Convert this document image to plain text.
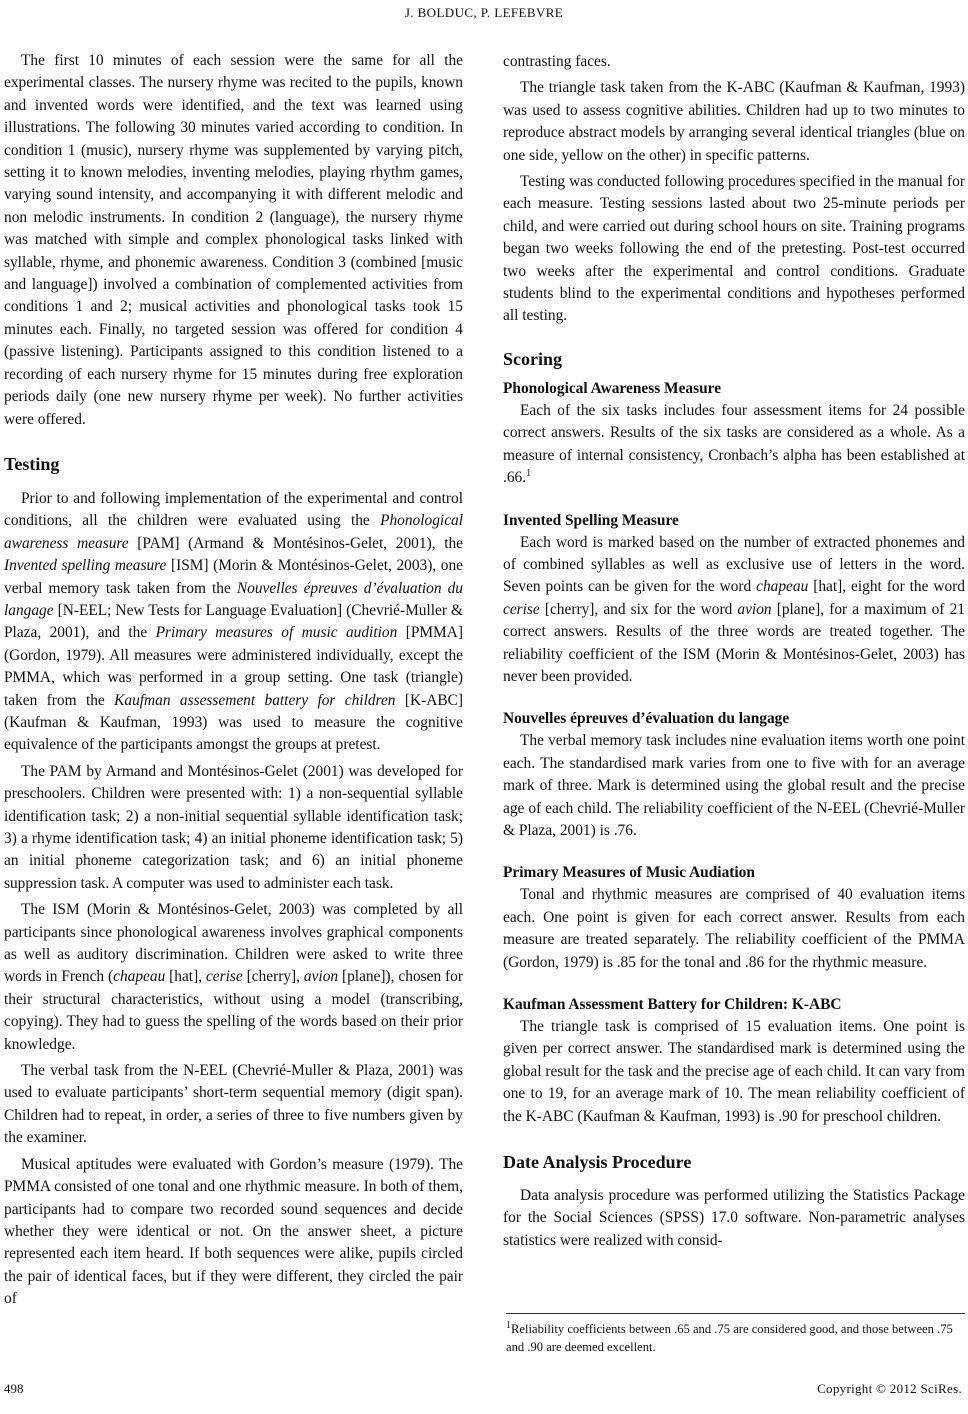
J. BOLDUC, P. LEFEBVRE

The first 10 minutes of each session were the same for all the experimental classes. The nursery rhyme was recited to the pupils, known and invented words were identified, and the text was learned using illustrations. The following 30 minutes varied according to condition. In condition 1 (music), nursery rhyme was supplemented by varying pitch, setting it to known melodies, inventing melodies, playing rhythm games, varying sound intensity, and accompanying it with different melodic and non melodic instruments. In condition 2 (language), the nursery rhyme was matched with simple and complex phonological tasks linked with syllable, rhyme, and phonemic awareness. Condition 3 (combined [music and language]) involved a combination of complemented activities from conditions 1 and 2; musical activities and phonological tasks took 15 minutes each. Finally, no targeted session was offered for condition 4 (passive listening). Participants assigned to this condition listened to a recording of each nursery rhyme for 15 minutes during free exploration periods daily (one new nursery rhyme per week). No further activities were offered.

Testing

Prior to and following implementation of the experimental and control conditions, all the children were evaluated using the Phonological awareness measure [PAM] (Armand & Montésinos-Gelet, 2001), the Invented spelling measure [ISM] (Morin & Montésinos-Gelet, 2003), one verbal memory task taken from the Nouvelles épreuves d’évaluation du langage [N-EEL; New Tests for Language Evaluation] (Chevrié-Muller & Plaza, 2001), and the Primary measures of music audition [PMMA] (Gordon, 1979). All measures were administered individually, except the PMMA, which was performed in a group setting. One task (triangle) taken from the Kaufman assessement battery for children [K-ABC] (Kaufman & Kaufman, 1993) was used to measure the cognitive equivalence of the participants amongst the groups at pretest.

The PAM by Armand and Montésinos-Gelet (2001) was developed for preschoolers. Children were presented with: 1) a non-sequential syllable identification task; 2) a non-initial sequential syllable identification task; 3) a rhyme identification task; 4) an initial phoneme identification task; 5) an initial phoneme categorization task; and 6) an initial phoneme suppression task. A computer was used to administer each task.

The ISM (Morin & Montésinos-Gelet, 2003) was completed by all participants since phonological awareness involves graphical components as well as auditory discrimination. Children were asked to write three words in French (chapeau [hat], cerise [cherry], avion [plane]), chosen for their structural characteristics, without using a model (transcribing, copying). They had to guess the spelling of the words based on their prior knowledge.

The verbal task from the N-EEL (Chevrié-Muller & Plaza, 2001) was used to evaluate participants’ short-term sequential memory (digit span). Children had to repeat, in order, a series of three to five numbers given by the examiner.

Musical aptitudes were evaluated with Gordon’s measure (1979). The PMMA consisted of one tonal and one rhythmic measure. In both of them, participants had to compare two recorded sound sequences and decide whether they were identical or not. On the answer sheet, a picture represented each item heard. If both sequences were alike, pupils circled the pair of identical faces, but if they were different, they circled the pair of

contrasting faces.

The triangle task taken from the K-ABC (Kaufman & Kaufman, 1993) was used to assess cognitive abilities. Children had up to two minutes to reproduce abstract models by arranging several identical triangles (blue on one side, yellow on the other) in specific patterns.

Testing was conducted following procedures specified in the manual for each measure. Testing sessions lasted about two 25-minute periods per child, and were carried out during school hours on site. Training programs began two weeks following the end of the pretesting. Post-test occurred two weeks after the experimental and control conditions. Graduate students blind to the experimental conditions and hypotheses performed all testing.

Scoring
Phonological Awareness Measure

Each of the six tasks includes four assessment items for 24 possible correct answers. Results of the six tasks are considered as a whole. As a measure of internal consistency, Cronbach’s alpha has been established at .66.$^1$

Invented Spelling Measure

Each word is marked based on the number of extracted phonemes and of combined syllables as well as exclusive use of letters in the word. Seven points can be given for the word chapeau [hat], eight for the word cerise [cherry], and six for the word avion [plane], for a maximum of 21 correct answers. Results of the three words are treated together. The reliability coefficient of the ISM (Morin & Montésinos-Gelet, 2003) has never been provided.

Nouvelles épreuves d’évaluation du langage

The verbal memory task includes nine evaluation items worth one point each. The standardised mark varies from one to five with for an average mark of three. Mark is determined using the global result and the precise age of each child. The reliability coefficient of the N-EEL (Chevrié-Muller & Plaza, 2001) is .76.

Primary Measures of Music Audiation

Tonal and rhythmic measures are comprised of 40 evaluation items each. One point is given for each correct answer. Results from each measure are treated separately. The reliability coefficient of the PMMA (Gordon, 1979) is .85 for the tonal and .86 for the rhythmic measure.

Kaufman Assessment Battery for Children: K-ABC

The triangle task is comprised of 15 evaluation items. One point is given per correct answer. The standardised mark is determined using the global result for the task and the precise age of each child. It can vary from one to 19, for an average mark of 10. The mean reliability coefficient of the K-ABC (Kaufman & Kaufman, 1993) is .90 for preschool children.

Date Analysis Procedure

Data analysis procedure was performed utilizing the Statistics Package for the Social Sciences (SPSS) 17.0 software. Non-parametric analyses statistics were realized with consid-

$^1$Reliability coefficients between .65 and .75 are considered good, and those between .75 and .90 are deemed excellent.
498	Copyright © 2012 SciRes.
